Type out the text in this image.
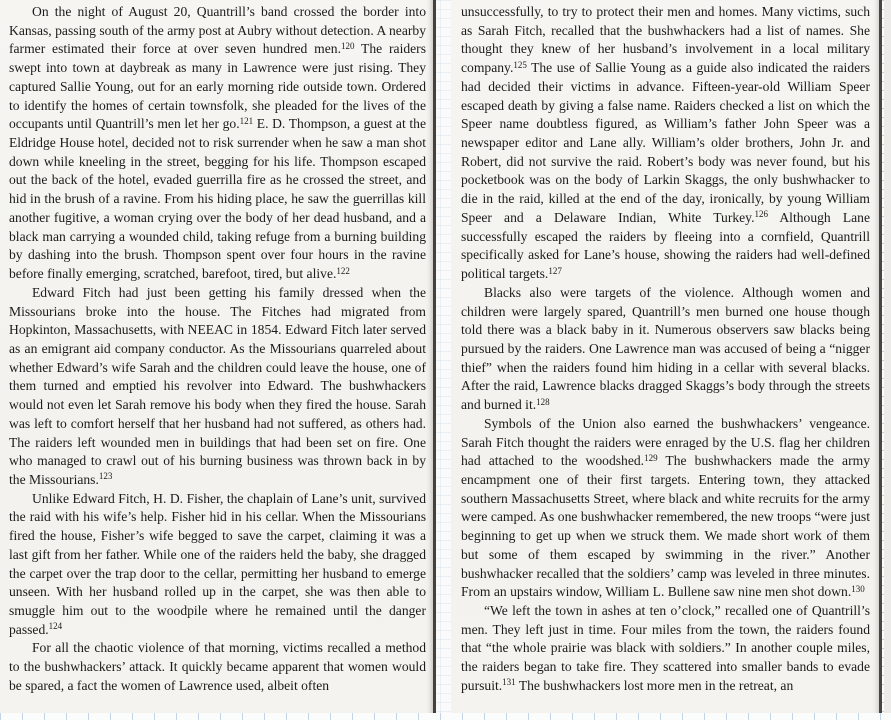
On the night of August 20, Quantrill’s band crossed the border into Kansas, passing south of the army post at Aubry without detection. A nearby farmer estimated their force at over seven hundred men.$^{120}$ The raiders swept into town at daybreak as many in Lawrence were just rising. They captured Sallie Young, out for an early morning ride outside town. Ordered to identify the homes of certain townsfolk, she pleaded for the lives of the occupants until Quantrill’s men let her go.$^{121}$ E. D. Thompson, a guest at the Eldridge House hotel, decided not to risk surrender when he saw a man shot down while kneeling in the street, begging for his life. Thompson escaped out the back of the hotel, evaded guerrilla fire as he crossed the street, and hid in the brush of a ravine. From his hiding place, he saw the guerrillas kill another fugitive, a woman crying over the body of her dead husband, and a black man carrying a wounded child, taking refuge from a burning building by dashing into the brush. Thompson spent over four hours in the ravine before finally emerging, scratched, barefoot, tired, but alive.$^{122}$

Edward Fitch had just been getting his family dressed when the Missourians broke into the house. The Fitches had migrated from Hopkinton, Massachusetts, with NEEAC in 1854. Edward Fitch later served as an emigrant aid company conductor. As the Missourians quarreled about whether Edward’s wife Sarah and the children could leave the house, one of them turned and emptied his revolver into Edward. The bushwhackers would not even let Sarah remove his body when they fired the house. Sarah was left to comfort herself that her husband had not suffered, as others had. The raiders left wounded men in buildings that had been set on fire. One who managed to crawl out of his burning business was thrown back in by the Missourians.$^{123}$

Unlike Edward Fitch, H. D. Fisher, the chaplain of Lane’s unit, survived the raid with his wife’s help. Fisher hid in his cellar. When the Missourians fired the house, Fisher’s wife begged to save the carpet, claiming it was a last gift from her father. While one of the raiders held the baby, she dragged the carpet over the trap door to the cellar, permitting her husband to emerge unseen. With her husband rolled up in the carpet, she was then able to smuggle him out to the woodpile where he remained until the danger passed.$^{124}$

For all the chaotic violence of that morning, victims recalled a method to the bushwhackers’ attack. It quickly became apparent that women would be spared, a fact the women of Lawrence used, albeit often

unsuccessfully, to try to protect their men and homes. Many victims, such as Sarah Fitch, recalled that the bushwhackers had a list of names. She thought they knew of her husband’s involvement in a local military company.$^{125}$ The use of Sallie Young as a guide also indicated the raiders had decided their victims in advance. Fifteen-year-old William Speer escaped death by giving a false name. Raiders checked a list on which the Speer name doubtless figured, as William’s father John Speer was a newspaper editor and Lane ally. William’s older brothers, John Jr. and Robert, did not survive the raid. Robert’s body was never found, but his pocketbook was on the body of Larkin Skaggs, the only bushwhacker to die in the raid, killed at the end of the day, ironically, by young William Speer and a Delaware Indian, White Turkey.$^{126}$ Although Lane successfully escaped the raiders by fleeing into a cornfield, Quantrill specifically asked for Lane’s house, showing the raiders had well-defined political targets.$^{127}$

Blacks also were targets of the violence. Although women and children were largely spared, Quantrill’s men burned one house though told there was a black baby in it. Numerous observers saw blacks being pursued by the raiders. One Lawrence man was accused of being a “nigger thief” when the raiders found him hiding in a cellar with several blacks. After the raid, Lawrence blacks dragged Skaggs’s body through the streets and burned it.$^{128}$

Symbols of the Union also earned the bushwhackers’ vengeance. Sarah Fitch thought the raiders were enraged by the U.S. flag her children had attached to the woodshed.$^{129}$ The bushwhackers made the army encampment one of their first targets. Entering town, they attacked southern Massachusetts Street, where black and white recruits for the army were camped. As one bushwhacker remembered, the new troops “were just beginning to get up when we struck them. We made short work of them but some of them escaped by swimming in the river.” Another bushwhacker recalled that the soldiers’ camp was leveled in three minutes. From an upstairs window, William L. Bullene saw nine men shot down.$^{130}$

“We left the town in ashes at ten o’clock,” recalled one of Quantrill’s men. They left just in time. Four miles from the town, the raiders found that “the whole prairie was black with soldiers.” In another couple miles, the raiders began to take fire. They scattered into smaller bands to evade pursuit.$^{131}$ The bushwhackers lost more men in the retreat, an
